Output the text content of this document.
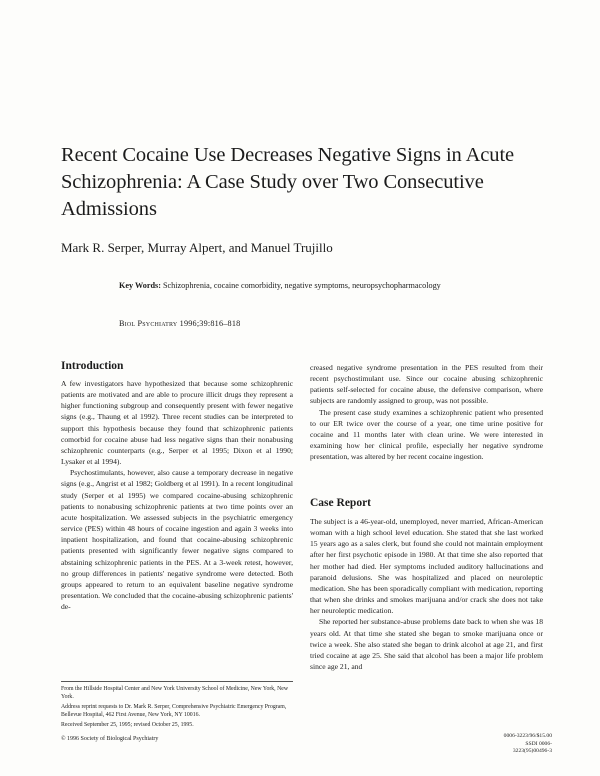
Recent Cocaine Use Decreases Negative Signs in Acute Schizophrenia: A Case Study over Two Consecutive Admissions
Mark R. Serper, Murray Alpert, and Manuel Trujillo
Key Words: Schizophrenia, cocaine comorbidity, negative symptoms, neuropsychopharmacology
Biol Psychiatry 1996;39:816–818
Introduction

A few investigators have hypothesized that because some schizophrenic patients are motivated and are able to procure illicit drugs they represent a higher functioning subgroup and consequently present with fewer negative signs (e.g., Thaung et al 1992). Three recent studies can be interpreted to support this hypothesis because they found that schizophrenic patients comorbid for cocaine abuse had less negative signs than their nonabusing schizophrenic counterparts (e.g., Serper et al 1995; Dixon et al 1990; Lysaker et al 1994).

Psychostimulants, however, also cause a temporary decrease in negative signs (e.g., Angrist et al 1982; Goldberg et al 1991). In a recent longitudinal study (Serper et al 1995) we compared cocaine-abusing schizophrenic patients to nonabusing schizophrenic patients at two time points over an acute hospitalization. We assessed subjects in the psychiatric emergency service (PES) within 48 hours of cocaine ingestion and again 3 weeks into inpatient hospitalization, and found that cocaine-abusing schizophrenic patients presented with significantly fewer negative signs compared to abstaining schizophrenic patients in the PES. At a 3-week retest, however, no group differences in patients' negative syndrome were detected. Both groups appeared to return to an equivalent baseline negative syndrome presentation. We concluded that the cocaine-abusing schizophrenic patients' de-

creased negative syndrome presentation in the PES resulted from their recent psychostimulant use. Since our cocaine abusing schizophrenic patients self-selected for cocaine abuse, the defensive comparison, where subjects are randomly assigned to group, was not possible.

The present case study examines a schizophrenic patient who presented to our ER twice over the course of a year, one time urine positive for cocaine and 11 months later with clean urine. We were interested in examining how her clinical profile, especially her negative syndrome presentation, was altered by her recent cocaine ingestion.

Case Report

The subject is a 46-year-old, unemployed, never married, African-American woman with a high school level education. She stated that she last worked 15 years ago as a sales clerk, but found she could not maintain employment after her first psychotic episode in 1980. At that time she also reported that her mother had died. Her symptoms included auditory hallucinations and paranoid delusions. She was hospitalized and placed on neuroleptic medication. She has been sporadically compliant with medication, reporting that when she drinks and smokes marijuana and/or crack she does not take her neuroleptic medication.

She reported her substance-abuse problems date back to when she was 18 years old. At that time she stated she began to smoke marijuana once or twice a week. She also stated she began to drink alcohol at age 21, and first tried cocaine at age 25. She said that alcohol has been a major life problem since age 21, and

From the Hillside Hospital Center and New York University School of Medicine, New York, New York.
Address reprint requests to Dr. Mark R. Serper, Comprehensive Psychiatric Emergency Program, Bellevue Hospital, 462 First Avenue, New York, NY 10016.
Received September 25, 1995; revised October 25, 1995.
© 1996 Society of Biological Psychiatry	0006-3223/96/$15.00
SSDI 0006-3223(95)00496-3
